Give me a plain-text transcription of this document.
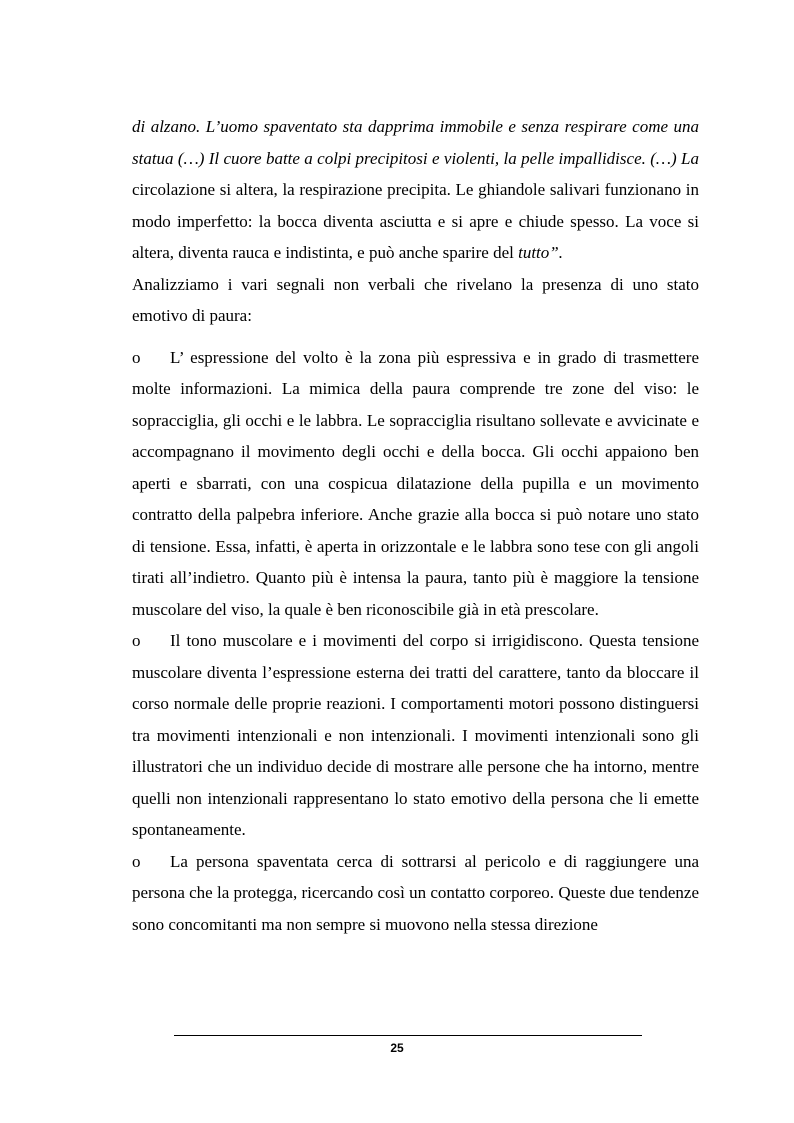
di alzano. L’uomo spaventato sta dapprima immobile e senza respirare come una statua (…) Il cuore batte a colpi precipitosi e violenti, la pelle impallidisce. (…) La circolazione si altera, la respirazione precipita. Le ghiandole salivari funzionano in modo imperfetto: la bocca diventa asciutta e si apre e chiude spesso. La voce si altera, diventa rauca e indistinta, e può anche sparire del tutto”.

Analizziamo i vari segnali non verbali che rivelano la presenza di uno stato emotivo di paura:

o L’ espressione del volto è la zona più espressiva e in grado di trasmettere molte informazioni. La mimica della paura comprende tre zone del viso: le sopracciglia, gli occhi e le labbra. Le sopracciglia risultano sollevate e avvicinate e accompagnano il movimento degli occhi e della bocca. Gli occhi appaiono ben aperti e sbarrati, con una cospicua dilatazione della pupilla e un movimento contratto della palpebra inferiore. Anche grazie alla bocca si può notare uno stato di tensione. Essa, infatti, è aperta in orizzontale e le labbra sono tese con gli angoli tirati all’indietro. Quanto più è intensa la paura, tanto più è maggiore la tensione muscolare del viso, la quale è ben riconoscibile già in età prescolare.

o Il tono muscolare e i movimenti del corpo si irrigidiscono. Questa tensione muscolare diventa l’espressione esterna dei tratti del carattere, tanto da bloccare il corso normale delle proprie reazioni. I comportamenti motori possono distinguersi tra movimenti intenzionali e non intenzionali. I movimenti intenzionali sono gli illustratori che un individuo decide di mostrare alle persone che ha intorno, mentre quelli non intenzionali rappresentano lo stato emotivo della persona che li emette spontaneamente.

o La persona spaventata cerca di sottrarsi al pericolo e di raggiungere una persona che la protegga, ricercando così un contatto corporeo. Queste due tendenze sono concomitanti ma non sempre si muovono nella stessa direzione

25
